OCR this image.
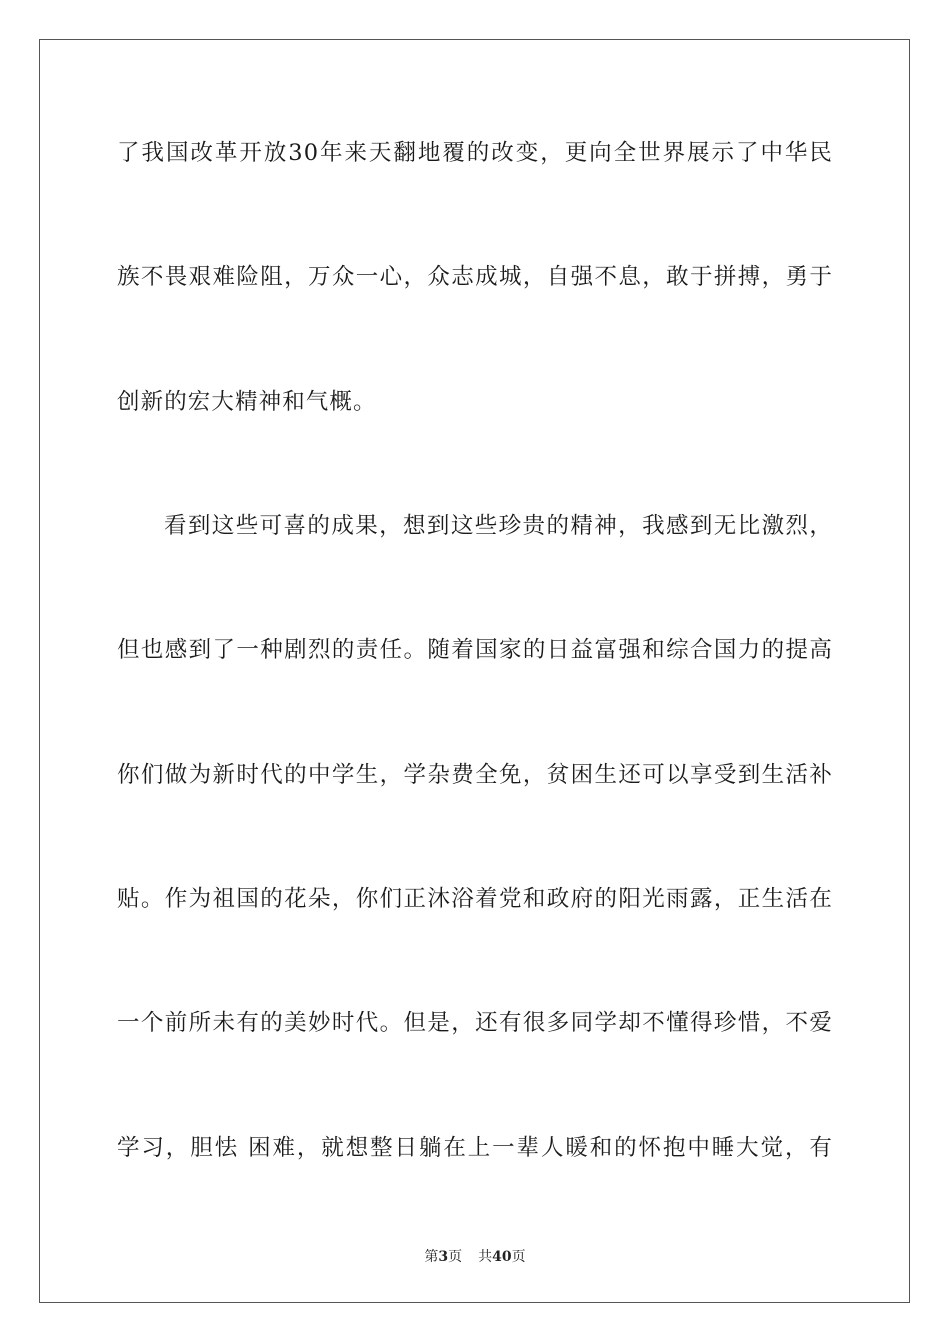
了我国改革开放30年来天翻地覆的改变，更向全世界展示了中华民
族不畏艰难险阻，万众一心，众志成城，自强不息，敢于拼搏，勇于
创新的宏大精神和气概。
看到这些可喜的成果，想到这些珍贵的精神，我感到无比激烈，
但也感到了一种剧烈的责任。随着国家的日益富强和综合国力的提高
你们做为新时代的中学生，学杂费全免，贫困生还可以享受到生活补
贴。作为祖国的花朵，你们正沐浴着党和政府的阳光雨露，正生活在
一个前所未有的美妙时代。但是，还有很多同学却不懂得珍惜，不爱
学习，胆怯 困难，就想整日躺在上一辈人暖和的怀抱中睡大觉，有
第3页 共40页
